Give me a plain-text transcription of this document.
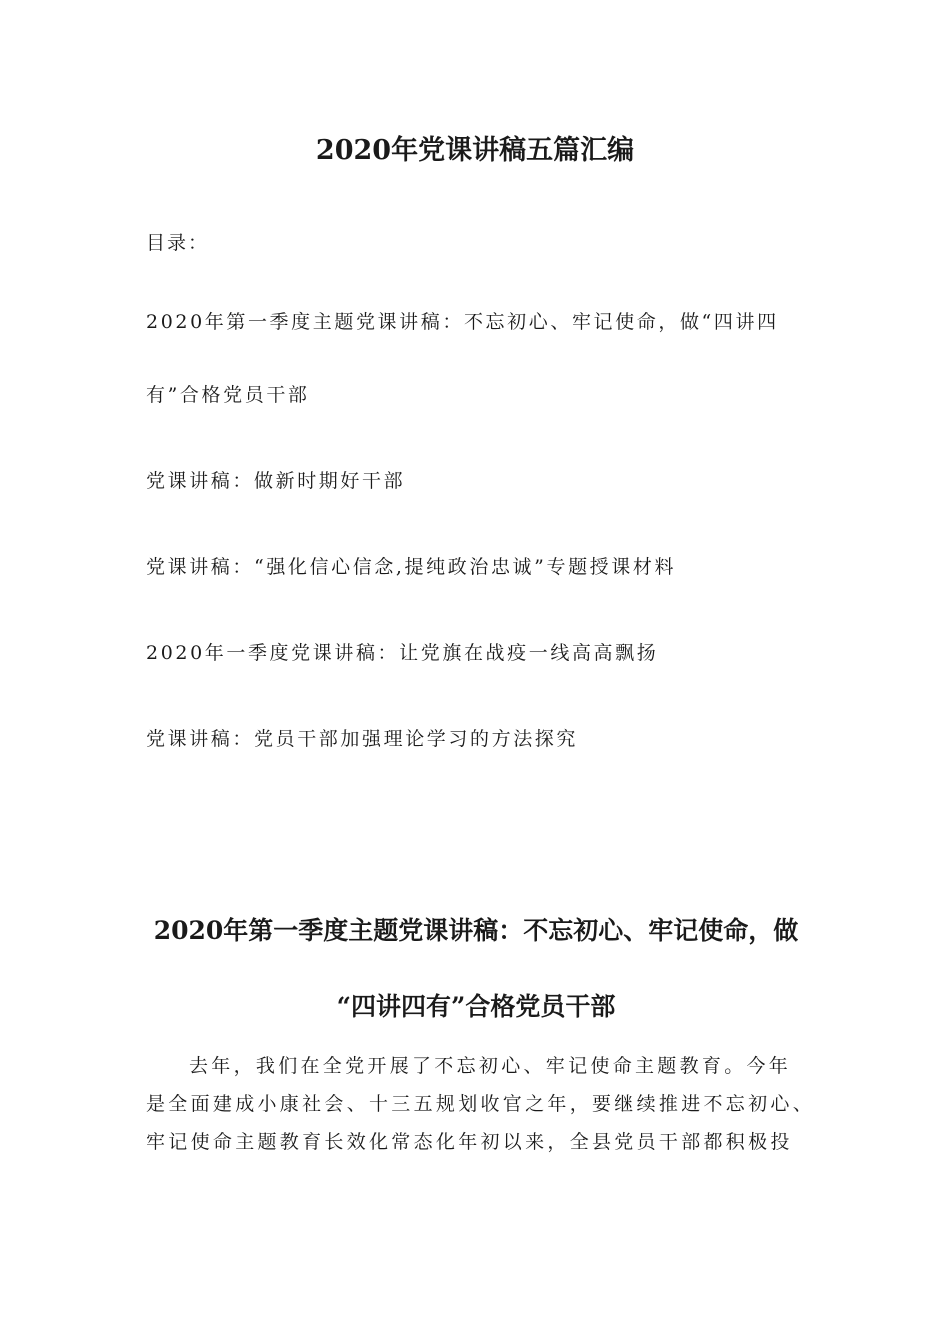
2020年党课讲稿五篇汇编

目录：

2020年第一季度主题党课讲稿：不忘初心、牢记使命，做“四讲四
有”合格党员干部
党课讲稿：做新时期好干部
党课讲稿：“强化信心信念,提纯政治忠诚”专题授课材料
2020年一季度党课讲稿：让党旗在战疫一线高高飘扬
党课讲稿：党员干部加强理论学习的方法探究
2020年第一季度主题党课讲稿：不忘初心、牢记使命，做
“四讲四有”合格党员干部

去年，我们在全党开展了不忘初心、牢记使命主题教育。今年
是全面建成小康社会、十三五规划收官之年，要继续推进不忘初心、
牢记使命主题教育长效化常态化年初以来，全县党员干部都积极投
